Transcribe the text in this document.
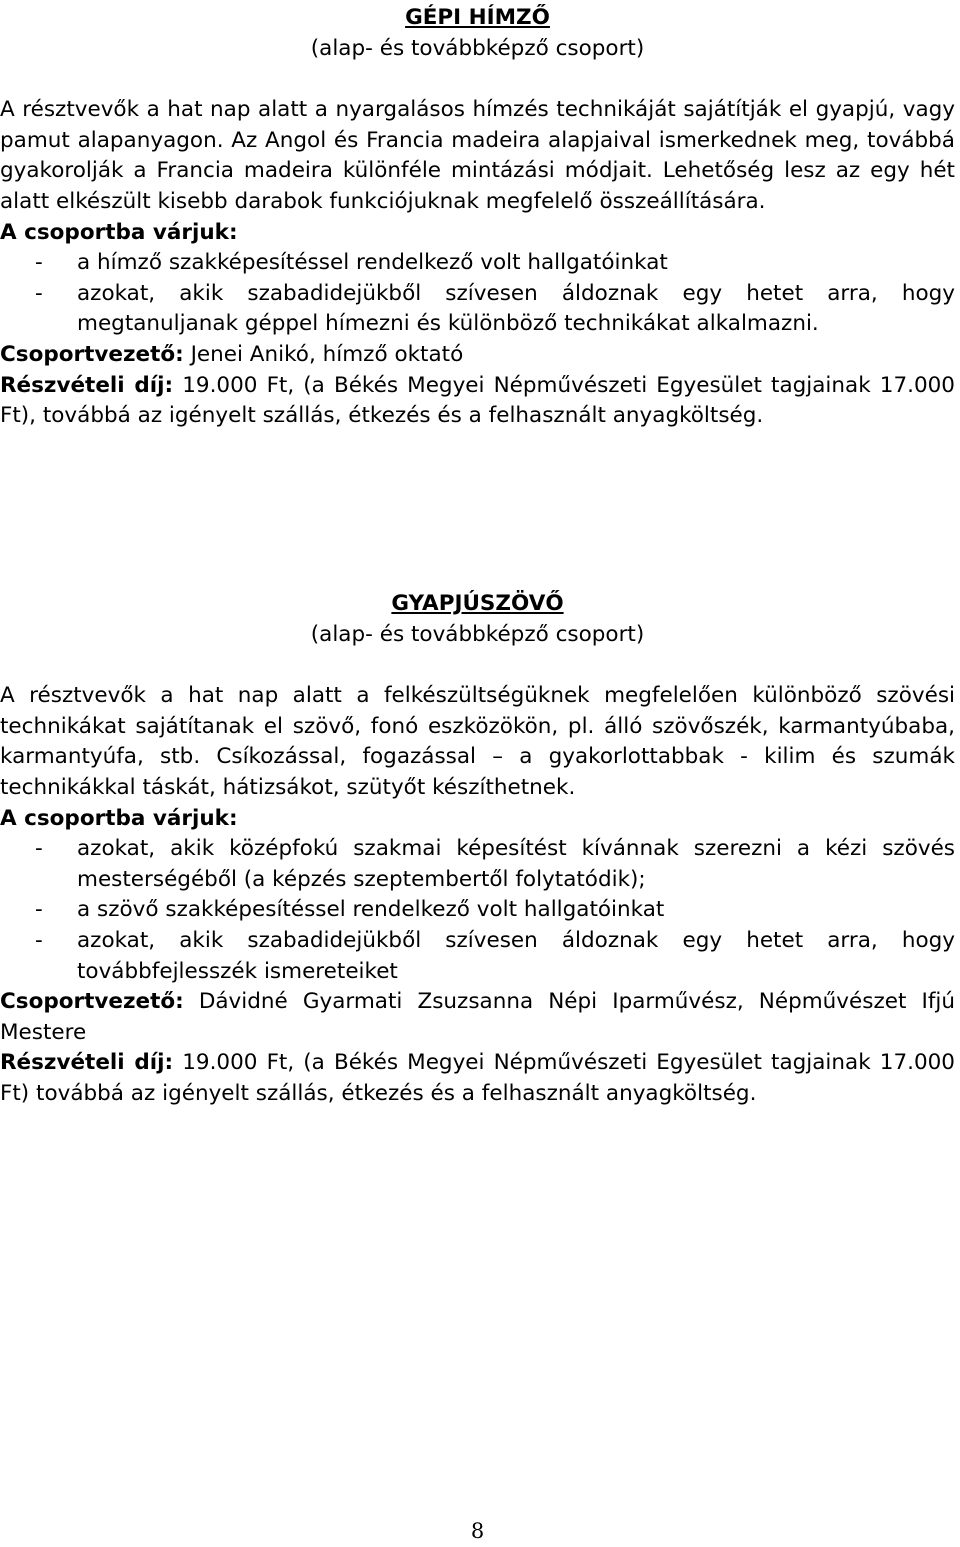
GÉPI HÍMZŐ
(alap- és továbbképző csoport)

A résztvevők a hat nap alatt a nyargalásos hímzés technikáját sajátítják el gyapjú, vagy pamut alapanyagon. Az Angol és Francia madeira alapjaival ismerkednek meg, továbbá gyakorolják a Francia madeira különféle mintázási módjait. Lehetőség lesz az egy hét alatt elkészült kisebb darabok funkciójuknak megfelelő összeállítására.

A csoportba várjuk:
- a hímző szakképesítéssel rendelkező volt hallgatóinkat
- azokat, akik szabadidejükből szívesen áldoznak egy hetet arra, hogy megtanuljanak géppel hímezni és különböző technikákat alkalmazni.
Csoportvezető: Jenei Anikó, hímző oktató

Részvételi díj: 19.000 Ft, (a Békés Megyei Népművészeti Egyesület tagjainak 17.000 Ft), továbbá az igényelt szállás, étkezés és a felhasznált anyagköltség.

GYAPJÚSZÖVŐ
(alap- és továbbképző csoport)

A résztvevők a hat nap alatt a felkészültségüknek megfelelően különböző szövési technikákat sajátítanak el szövő, fonó eszközökön, pl. álló szövőszék, karmantyúbaba, karmantyúfa, stb. Csíkozással, fogazással – a gyakorlottabbak - kilim és szumák technikákkal táskát, hátizsákot, szütyőt készíthetnek.

A csoportba várjuk:
- azokat, akik középfokú szakmai képesítést kívánnak szerezni a kézi szövés mesterségéből (a képzés szeptembertől folytatódik);
- a szövő szakképesítéssel rendelkező volt hallgatóinkat
- azokat, akik szabadidejükből szívesen áldoznak egy hetet arra, hogy továbbfejlesszék ismereteiket

Csoportvezető: Dávidné Gyarmati Zsuzsanna Népi Iparművész, Népművészet Ifjú Mestere

Részvételi díj: 19.000 Ft, (a Békés Megyei Népművészeti Egyesület tagjainak 17.000 Ft) továbbá az igényelt szállás, étkezés és a felhasznált anyagköltség.

8
